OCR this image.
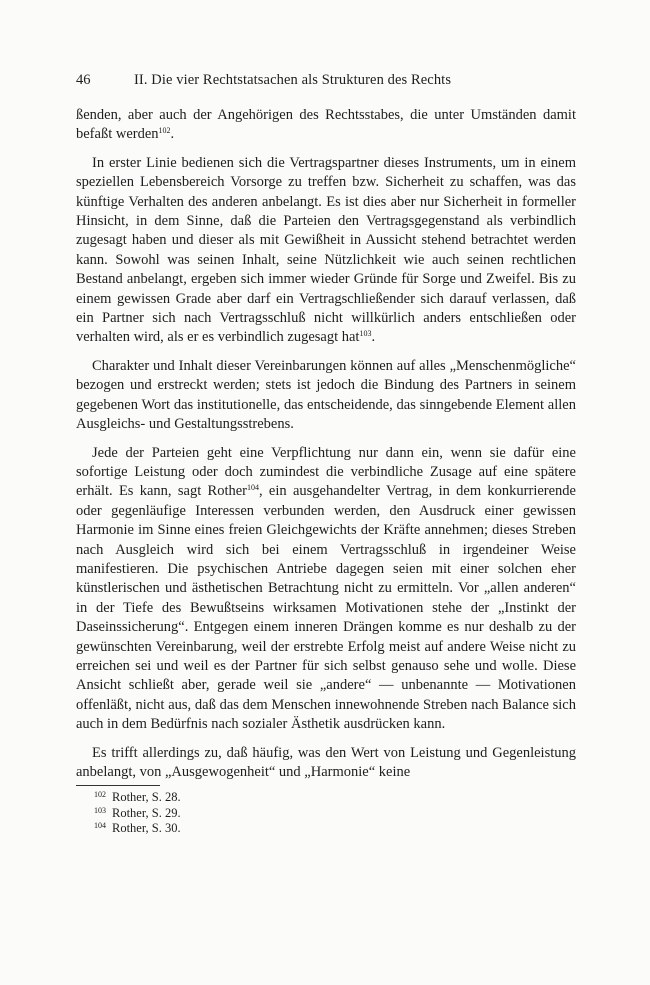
46	II. Die vier Rechtstatsachen als Strukturen des Rechts

ßenden, aber auch der Angehörigen des Rechtsstabes, die unter Umständen damit befaßt werden$^{102}$.

In erster Linie bedienen sich die Vertragspartner dieses Instruments, um in einem speziellen Lebensbereich Vorsorge zu treffen bzw. Sicherheit zu schaffen, was das künftige Verhalten des anderen anbelangt. Es ist dies aber nur Sicherheit in formeller Hinsicht, in dem Sinne, daß die Parteien den Vertragsgegenstand als verbindlich zugesagt haben und dieser als mit Gewißheit in Aussicht stehend betrachtet werden kann. Sowohl was seinen Inhalt, seine Nützlichkeit wie auch seinen rechtlichen Bestand anbelangt, ergeben sich immer wieder Gründe für Sorge und Zweifel. Bis zu einem gewissen Grade aber darf ein Vertragschließender sich darauf verlassen, daß ein Partner sich nach Vertragsschluß nicht willkürlich anders entschließen oder verhalten wird, als er es verbindlich zugesagt hat$^{103}$.

Charakter und Inhalt dieser Vereinbarungen können auf alles „Menschenmögliche“ bezogen und erstreckt werden; stets ist jedoch die Bindung des Partners in seinem gegebenen Wort das institutionelle, das entscheidende, das sinngebende Element allen Ausgleichs- und Gestaltungsstrebens.

Jede der Parteien geht eine Verpflichtung nur dann ein, wenn sie dafür eine sofortige Leistung oder doch zumindest die verbindliche Zusage auf eine spätere erhält. Es kann, sagt Rother$^{104}$, ein ausgehandelter Vertrag, in dem konkurrierende oder gegenläufige Interessen verbunden werden, den Ausdruck einer gewissen Harmonie im Sinne eines freien Gleichgewichts der Kräfte annehmen; dieses Streben nach Ausgleich wird sich bei einem Vertragsschluß in irgendeiner Weise manifestieren. Die psychischen Antriebe dagegen seien mit einer solchen eher künstlerischen und ästhetischen Betrachtung nicht zu ermitteln. Vor „allen anderen“ in der Tiefe des Bewußtseins wirksamen Motivationen stehe der „Instinkt der Daseinssicherung“. Entgegen einem inneren Drängen komme es nur deshalb zu der gewünschten Vereinbarung, weil der erstrebte Erfolg meist auf andere Weise nicht zu erreichen sei und weil es der Partner für sich selbst genauso sehe und wolle. Diese Ansicht schließt aber, gerade weil sie „andere“ — unbenannte — Motivationen offenläßt, nicht aus, daß das dem Menschen innewohnende Streben nach Balance sich auch in dem Bedürfnis nach sozialer Ästhetik ausdrücken kann.

Es trifft allerdings zu, daß häufig, was den Wert von Leistung und Gegenleistung anbelangt, von „Ausgewogenheit“ und „Harmonie“ keine

102 Rother, S. 28.
103 Rother, S. 29.
104 Rother, S. 30.
